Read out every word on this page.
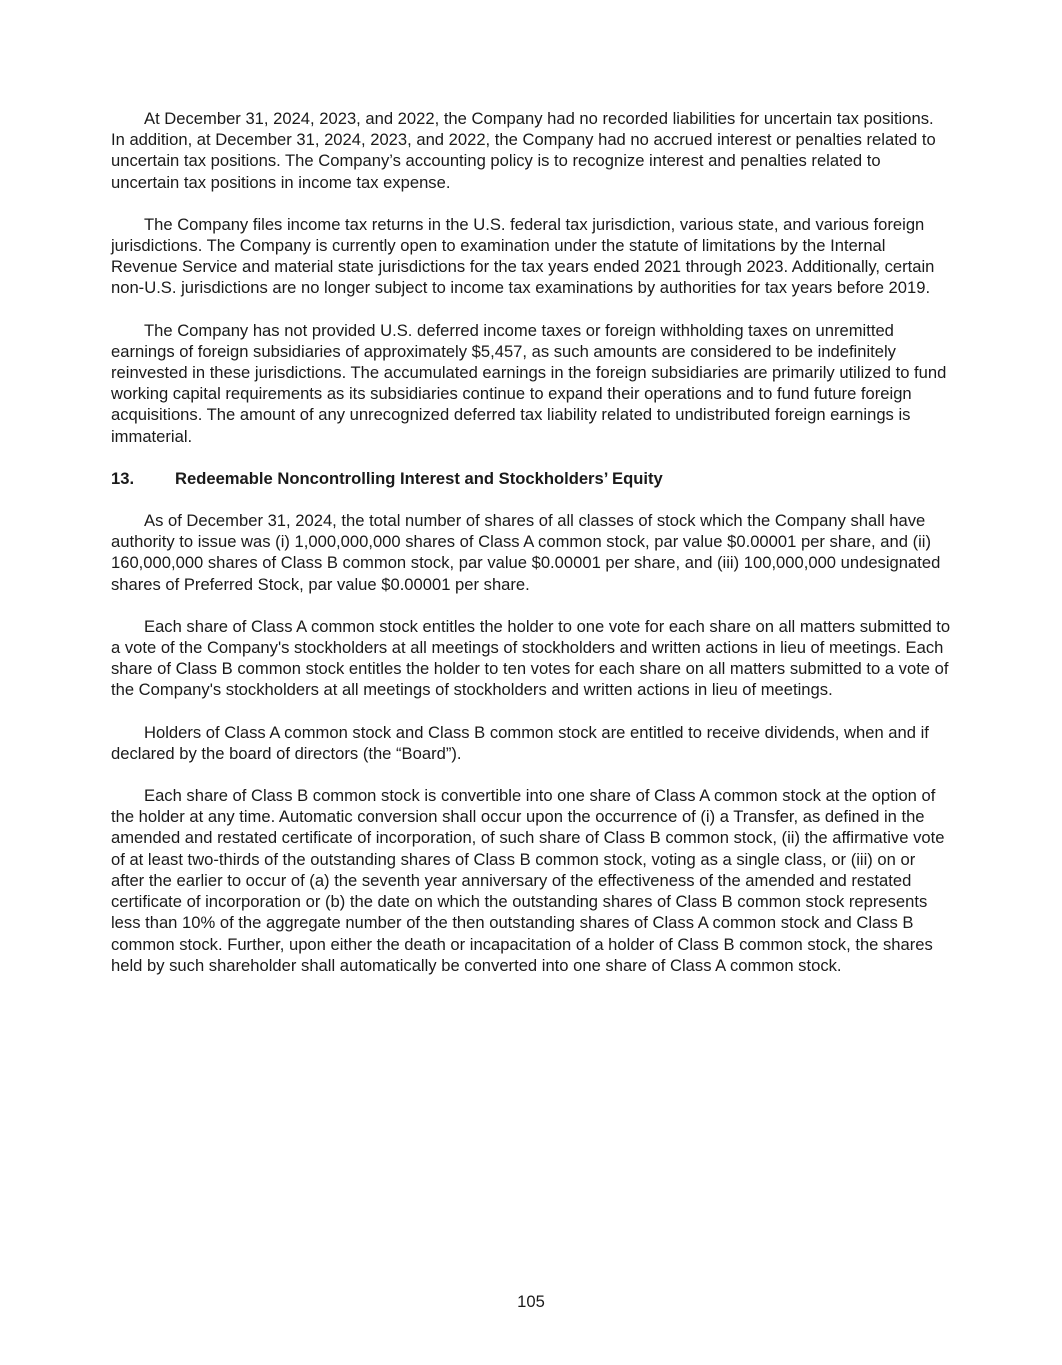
At December 31, 2024, 2023, and 2022, the Company had no recorded liabilities for uncertain tax positions. In addition, at December 31, 2024, 2023, and 2022, the Company had no accrued interest or penalties related to uncertain tax positions. The Company’s accounting policy is to recognize interest and penalties related to uncertain tax positions in income tax expense.

The Company files income tax returns in the U.S. federal tax jurisdiction, various state, and various foreign jurisdictions. The Company is currently open to examination under the statute of limitations by the Internal Revenue Service and material state jurisdictions for the tax years ended 2021 through 2023. Additionally, certain non-U.S. jurisdictions are no longer subject to income tax examinations by authorities for tax years before 2019.

The Company has not provided U.S. deferred income taxes or foreign withholding taxes on unremitted earnings of foreign subsidiaries of approximately $5,457, as such amounts are considered to be indefinitely reinvested in these jurisdictions. The accumulated earnings in the foreign subsidiaries are primarily utilized to fund working capital requirements as its subsidiaries continue to expand their operations and to fund future foreign acquisitions. The amount of any unrecognized deferred tax liability related to undistributed foreign earnings is immaterial.

13.	Redeemable Noncontrolling Interest and Stockholders’ Equity

As of December 31, 2024, the total number of shares of all classes of stock which the Company shall have authority to issue was (i) 1,000,000,000 shares of Class A common stock, par value $0.00001 per share, and (ii) 160,000,000 shares of Class B common stock, par value $0.00001 per share, and (iii) 100,000,000 undesignated shares of Preferred Stock, par value $0.00001 per share.

Each share of Class A common stock entitles the holder to one vote for each share on all matters submitted to a vote of the Company's stockholders at all meetings of stockholders and written actions in lieu of meetings. Each share of Class B common stock entitles the holder to ten votes for each share on all matters submitted to a vote of the Company's stockholders at all meetings of stockholders and written actions in lieu of meetings.

Holders of Class A common stock and Class B common stock are entitled to receive dividends, when and if declared by the board of directors (the “Board”).

Each share of Class B common stock is convertible into one share of Class A common stock at the option of the holder at any time. Automatic conversion shall occur upon the occurrence of (i) a Transfer, as defined in the amended and restated certificate of incorporation, of such share of Class B common stock, (ii) the affirmative vote of at least two-thirds of the outstanding shares of Class B common stock, voting as a single class, or (iii) on or after the earlier to occur of (a) the seventh year anniversary of the effectiveness of the amended and restated certificate of incorporation or (b) the date on which the outstanding shares of Class B common stock represents less than 10% of the aggregate number of the then outstanding shares of Class A common stock and Class B common stock. Further, upon either the death or incapacitation of a holder of Class B common stock, the shares held by such shareholder shall automatically be converted into one share of Class A common stock.

105
